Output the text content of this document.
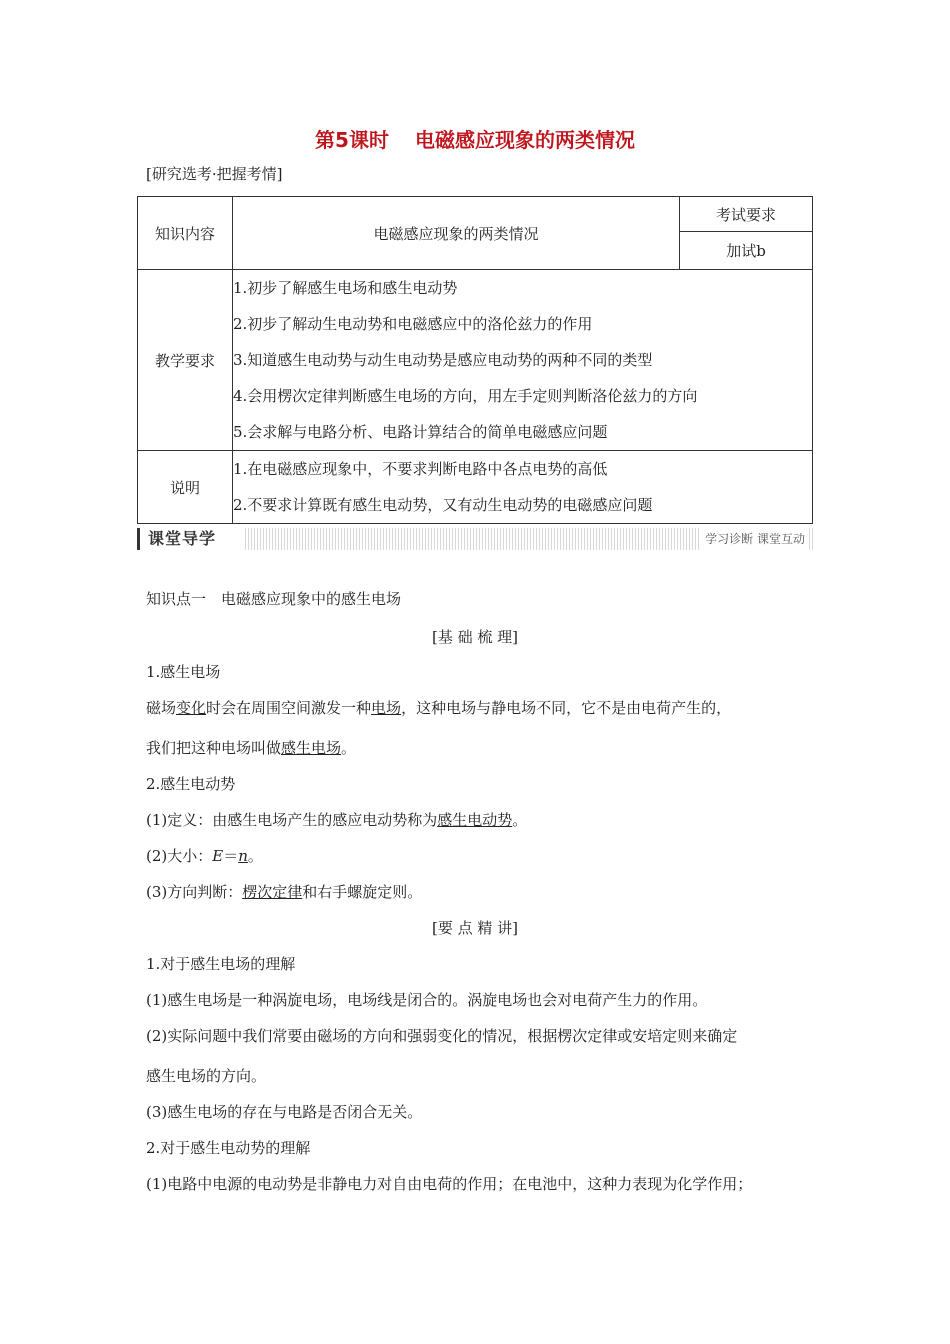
第5课时 电磁感应现象的两类情况
[研究选考·把握考情]
知识内容	电磁感应现象的两类情况	考试要求
		加试b
教学要求	1.初步了解感生电场和感生电动势
2.初步了解动生电动势和电磁感应中的洛伦兹力的作用
3.知道感生电动势与动生电动势是感应电动势的两种不同的类型
4.会用楞次定律判断感生电场的方向，用左手定则判断洛伦兹力的方向
5.会求解与电路分析、电路计算结合的简单电磁感应问题	

说明	1.在电磁感应现象中，不要求判断电路中各点电势的高低
2.不要求计算既有感生电动势，又有动生电动势的电磁感应问题	
课堂导学	学习诊断 课堂互动
知识点一　电磁感应现象中的感生电场
[基 础 梳 理]
1.感生电场
磁场变化时会在周围空间激发一种电场，这种电场与静电场不同，它不是由电荷产生的，
我们把这种电场叫做感生电场。
2.感生电动势
(1)定义：由感生电场产生的感应电动势称为感生电动势。
(2)大小：E＝n。
(3)方向判断：楞次定律和右手螺旋定则。
[要 点 精 讲]
1.对于感生电场的理解
(1)感生电场是一种涡旋电场，电场线是闭合的。涡旋电场也会对电荷产生力的作用。
(2)实际问题中我们常要由磁场的方向和强弱变化的情况，根据楞次定律或安培定则来确定
感生电场的方向。
(3)感生电场的存在与电路是否闭合无关。
2.对于感生电动势的理解
(1)电路中电源的电动势是非静电力对自由电荷的作用；在电池中，这种力表现为化学作用；
